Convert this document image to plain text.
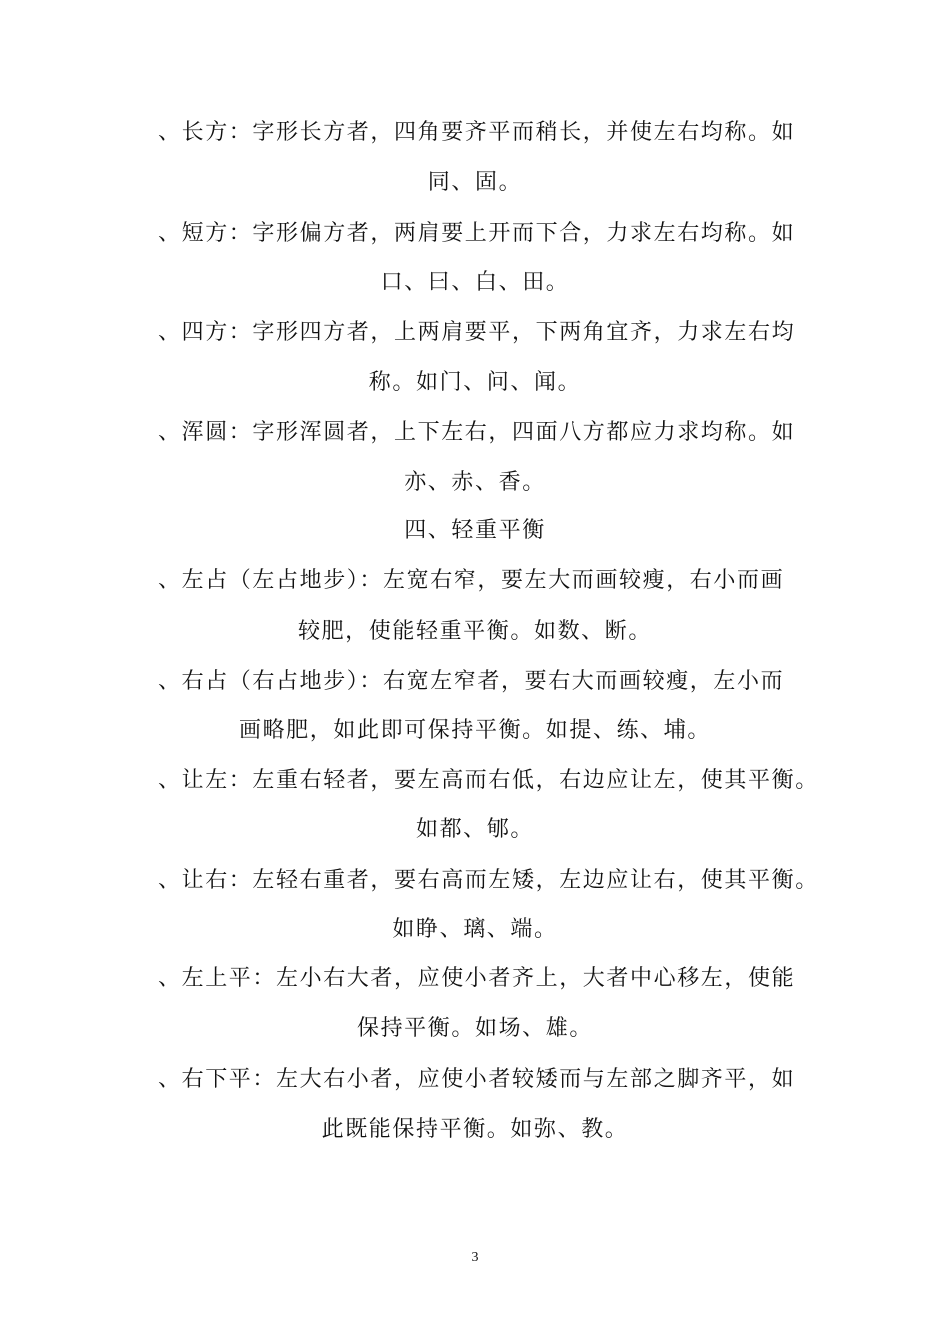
、长方：字形长方者，四角要齐平而稍长，并使左右均称。如
同、固。
、短方：字形偏方者，两肩要上开而下合，力求左右均称。如
口、曰、白、田。
、四方：字形四方者，上两肩要平，下两角宜齐，力求左右均
称。如门、问、闻。
、浑圆：字形浑圆者，上下左右，四面八方都应力求均称。如
亦、赤、香。
四、轻重平衡
、左占（左占地步）：左宽右窄，要左大而画较瘦，右小而画
较肥，使能轻重平衡。如数、断。
、右占（右占地步）：右宽左窄者，要右大而画较瘦，左小而
画略肥，如此即可保持平衡。如提、练、埔。
、让左：左重右轻者，要左高而右低，右边应让左，使其平衡。
如都、郇。
、让右：左轻右重者，要右高而左矮，左边应让右，使其平衡。
如睁、璃、端。
、左上平：左小右大者，应使小者齐上，大者中心移左，使能
保持平衡。如场、雄。
、右下平：左大右小者，应使小者较矮而与左部之脚齐平，如
此既能保持平衡。如弥、教。
3
